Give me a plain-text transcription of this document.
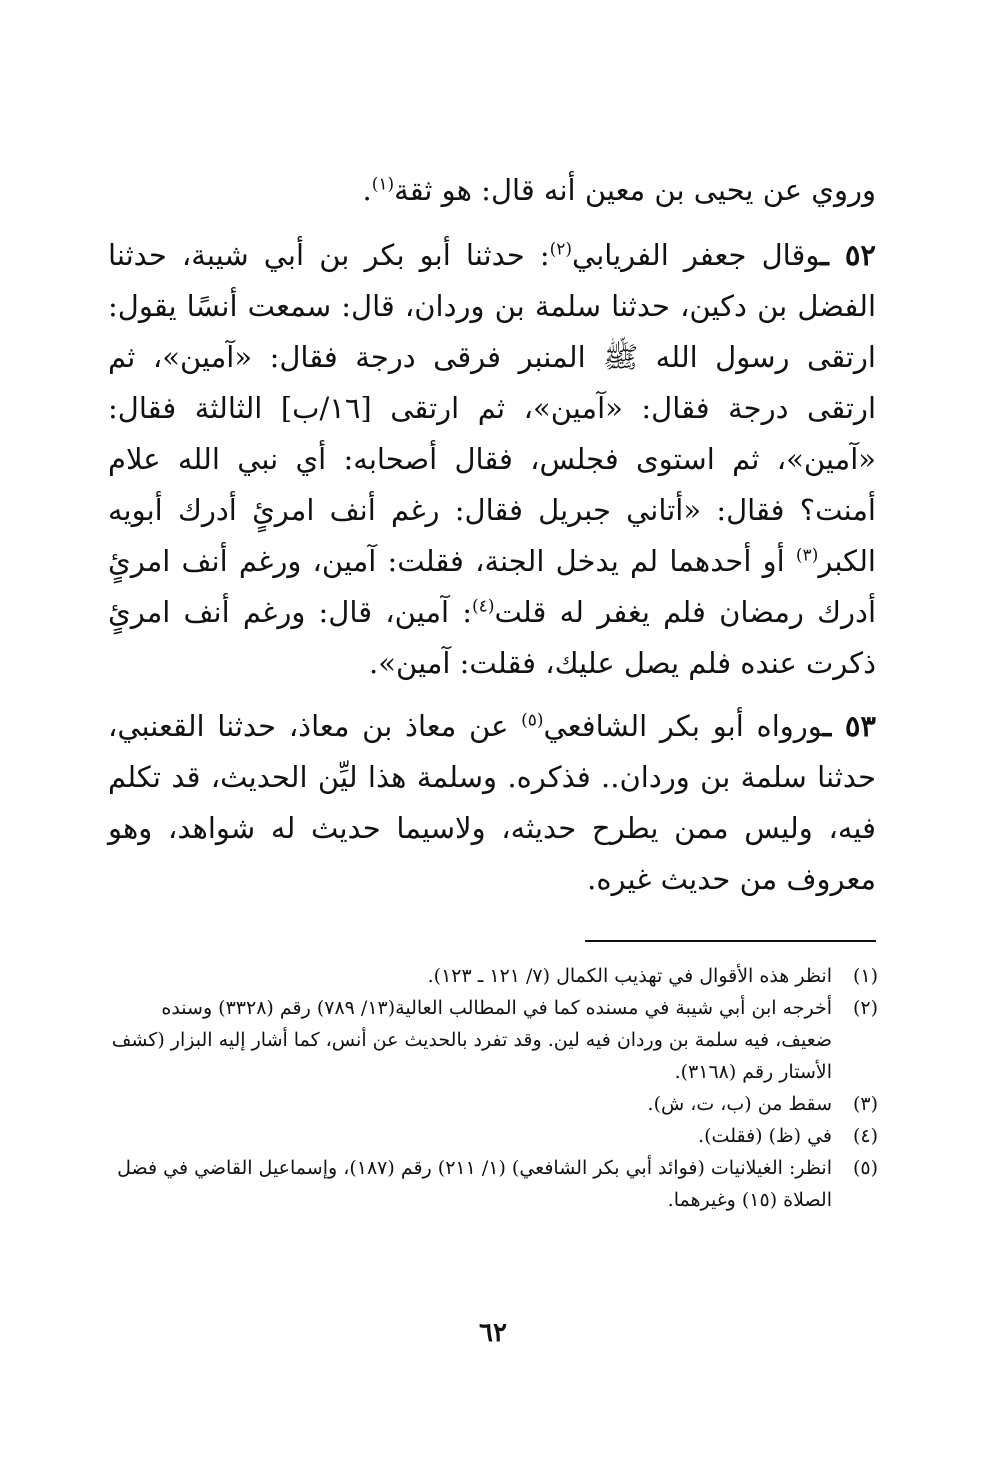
وروي عن يحيى بن معين أنه قال: هو ثقة$^{(١)}$.

٥٢ ـوقال جعفر الفريابي$^{(٢)}$: حدثنا أبو بكر بن أبي شيبة، حدثنا الفضل بن دكين، حدثنا سلمة بن وردان، قال: سمعت أنسًا يقول: ارتقى رسول الله ﷺ المنبر فرقى درجة فقال: «آمين»، ثم ارتقى درجة فقال: «آمين»، ثم ارتقى [١٦/ب] الثالثة فقال: «آمين»، ثم استوى فجلس، فقال أصحابه: أي نبي الله علام أمنت؟ فقال: «أتاني جبريل فقال: رغم أنف امرئٍ أدرك أبويه الكبر$^{(٣)}$ أو أحدهما لم يدخل الجنة، فقلت: آمين، ورغم أنف امرئٍ أدرك رمضان فلم يغفر له قلت$^{(٤)}$: آمين، قال: ورغم أنف امرئٍ ذكرت عنده فلم يصل عليك، فقلت: آمين».

٥٣ ـورواه أبو بكر الشافعي$^{(٥)}$ عن معاذ بن معاذ، حدثنا القعنبي، حدثنا سلمة بن وردان.. فذكره. وسلمة هذا ليِّن الحديث، قد تكلم فيه، وليس ممن يطرح حديثه، ولاسيما حديث له شواهد، وهو معروف من حديث غيره.

(١)
انظر هذه الأقوال في تهذيب الكمال (٧/ ١٢١ ـ ١٢٣).
(٢)
أخرجه ابن أبي شيبة في مسنده كما في المطالب العالية(١٣/ ٧٨٩) رقم (٣٣٢٨) وسنده ضعيف، فيه سلمة بن وردان فيه لين. وقد تفرد بالحديث عن أنس، كما أشار إليه البزار (كشف الأستار رقم (٣١٦٨).
(٣)
سقط من (ب، ت، ش).
(٤)
في (ظ) (فقلت).
(٥)
انظر: الغيلانيات (فوائد أبي بكر الشافعي) (١/ ٢١١) رقم (١٨٧)، وإسماعيل القاضي في فضل الصلاة (١٥) وغيرهما.
٦٢
